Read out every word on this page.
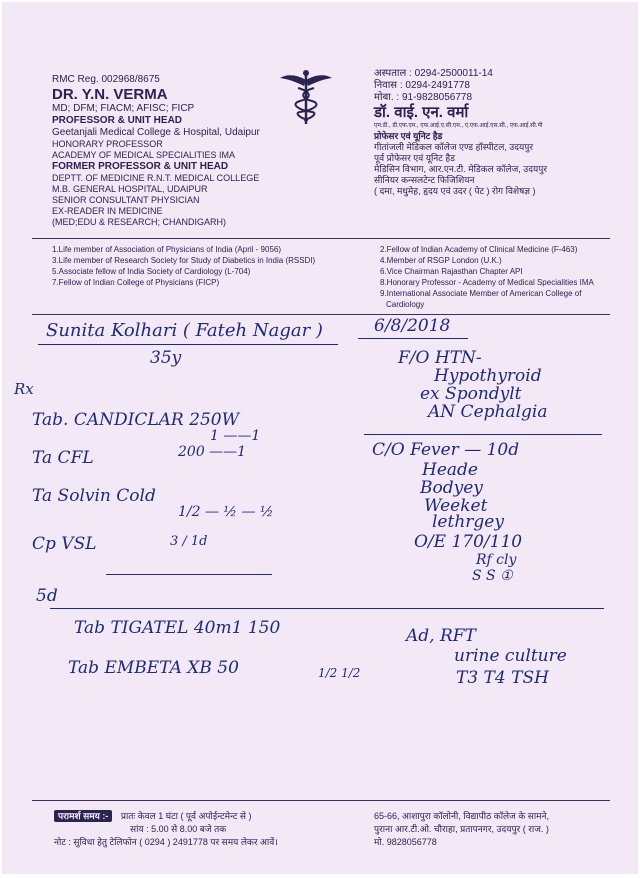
RMC Reg. 002968/8675
DR. Y.N. VERMA
MD; DFM; FIACM; AFISC; FICP
PROFESSOR & UNIT HEAD
Geetanjali Medical College & Hospital, Udaipur
HONORARY PROFESSOR
ACADEMY OF MEDICAL SPECIALITIES IMA
FORMER PROFESSOR & UNIT HEAD
DEPTT. OF MEDICINE R.N.T. MEDICAL COLLEGE
M.B. GENERAL HOSPITAL, UDAIPUR
SENIOR CONSULTANT PHYSICIAN
EX-READER IN MEDICINE
(MED;EDU & RESEARCH; CHANDIGARH)
अस्पताल : 0294-2500011-14
निवास : 0294-2491778
मोबा. : 91-9828056778
डॉ. वाई. एन. वर्मा
एम.डी., डी.एफ.एम., एफ.आई.ए.सी.एम., ए.एफ.आई.एस.सी., एफ.आई.सी.पी
प्रोफेसर एवं यूनिट हैड
गीतांजली मेडिकल कॉलेज एण्ड हॉस्पीटल, उदयपुर
पूर्व प्रोफेसर एवं यूनिट हैड
मेडिसिन विभाग, आर.एन.टी. मेडिकल कॉलेज, उदयपुर
सीनियर कन्सलटेन्ट फिजिशियन
( दमा, मधुमेह, हृदय एवं उदर ( पेट ) रोग विशेषज्ञ )
1.Life member of Association of Physicians of India (April - 9056)
3.Life member of Research Society for Study of Diabetics in India (RSSDI)
5.Associate fellow of India Society of Cardiology (L-704)
7.Fellow of Indian College of Physicians (FICP)
2.Fellow of Indian Academy of Clinical Medicine (F-463)
4.Member of RSGP London (U.K.)
6.Vice Chairman Rajasthan Chapter API
8.Honorary Professor - Academy of Medical Specialities IMA
9.International Associate Member of American College of
Cardiology
Sunita Kolhari ( Fateh Nagar )
35y
6/8/2018
F/O HTN-
Hypothyroid
ex Spondylt
AN Cephalgia
Rx
Tab. CANDICLAR 250W
1 ——1
Ta CFL	200 ——1
Ta Solvin Cold
1/2 — ½ — ½
Cp VSL	3 / 1d
C/O Fever — 10d
Heade
Bodyey
Weeket
lethrgey
O/E 170/110
Rf cly
S S ①
5d
Tab TIGATEL 40m1 150
Tab EMBETA XB 50	1/2 1/2
Ad, RFT
urine culture
T3 T4 TSH
परामर्श समय :- प्रातः केवल 1 घंटा ( पूर्व अपोईन्टमेन्ट से )
सांय : 5.00 से 8.00 बजे तक
नोट : सुविधा हेतु टेलिफोन ( 0294 ) 2491778 पर समय लेकर आवें।
65-66, आशापुरा कॉलोनी, विद्यापीठ कॉलेज के सामने,
पुराना आर.टी.ओ. चौराहा, प्रतापनगर, उदयपुर ( राज. )
मो. 9828056778
